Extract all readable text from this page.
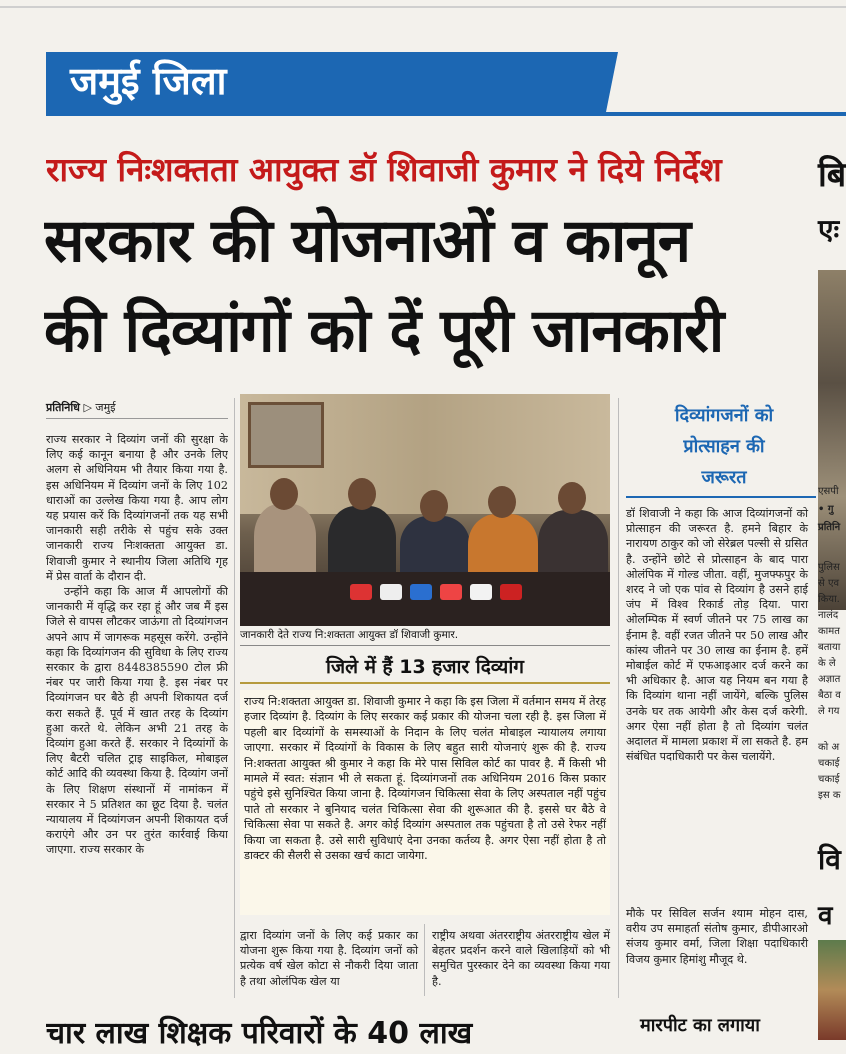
जमुई जिला
राज्य निःशक्तता आयुक्त डॉ शिवाजी कुमार ने दिये निर्देश
सरकार की योजनाओं व कानून
की दिव्यांगों को दें पूरी जानकारी
प्रतिनिधि ▷ जमुई

राज्य सरकार ने दिव्यांग जनों की सुरक्षा के लिए कई कानून बनाया है और उनके लिए अलग से अधिनियम भी तैयार किया गया है. इस अधिनियम में दिव्यांग जनों के लिए 102 धाराओं का उल्लेख किया गया है. आप लोग यह प्रयास करें कि दिव्यांगजनों तक यह सभी जानकारी सही तरीके से पहुंच सके उक्त जानकारी राज्य निःशक्तता आयुक्त डा. शिवाजी कुमार ने स्थानीय जिला अतिथि गृह में प्रेस वार्ता के दौरान दी.

उन्होंने कहा कि आज मैं आपलोगों की जानकारी में वृद्धि कर रहा हूं और जब मैं इस जिले से वापस लौटकर जाऊंगा तो दिव्यांगजन अपने आप में जागरूक महसूस करेंगे. उन्होंने कहा कि दिव्यांगजन की सुविधा के लिए राज्य सरकार के द्वारा 8448385590 टोल फ्री नंबर पर जारी किया गया है. इस नंबर पर दिव्यांगजन घर बैठे ही अपनी शिकायत दर्ज करा सकते हैं. पूर्व में खात तरह के दिव्यांग हुआ करते थे. लेकिन अभी 21 तरह के दिव्यांग हुआ करते हैं. सरकार ने दिव्यांगों के लिए बैटरी चलित ट्राइ साइकिल, मोबाइल कोर्ट आदि की व्यवस्था किया है. दिव्यांग जनों के लिए शिक्षण संस्थानों में नामांकन में सरकार ने 5 प्रतिशत का छूट दिया है. चलंत न्यायालय में दिव्यांगजन अपनी शिकायत दर्ज कराएंगे और उन पर तुरंत कार्रवाई किया जाएगा. राज्य सरकार के

जानकारी देते राज्य नि:शक्तता आयुक्त डॉ शिवाजी कुमार.
जिले में हैं 13 हजार दिव्यांग
राज्य नि:शक्तता आयुक्त डा. शिवाजी कुमार ने कहा कि इस जिला में वर्तमान समय में तेरह हजार दिव्यांग है. दिव्यांग के लिए सरकार कई प्रकार की योजना चला रही है. इस जिला में पहली बार दिव्यांगों के समस्याओं के निदान के लिए चलंत मोबाइल न्यायालय लगाया जाएगा. सरकार में दिव्यांगों के विकास के लिए बहुत सारी योजनाएं शुरू की है. राज्य नि:शक्तता आयुक्त श्री कुमार ने कहा कि मेरे पास सिविल कोर्ट का पावर है. मैं किसी भी मामले में स्वत: संज्ञान भी ले सकता हूं. दिव्यांगजनों तक अधिनियम 2016 किस प्रकार पहुंचे इसे सुनिश्चित किया जाना है. दिव्यांगजन चिकित्सा सेवा के लिए अस्पताल नहीं पहुंच पाते तो सरकार ने बुनियाद चलंत चिकित्सा सेवा की शुरूआत की है. इससे घर बैठे वे चिकित्सा सेवा पा सकते है. अगर कोई दिव्यांग अस्पताल तक पहुंचता है तो उसे रेफर नहीं किया जा सकता है. उसे सारी सुविधाएं देना उनका कर्तव्य है. अगर ऐसा नहीं होता है तो डाक्टर की सैलरी से उसका खर्च काटा जायेगा.
द्वारा दिव्यांग जनों के लिए कई प्रकार का योजना शुरू किया गया है. दिव्यांग जनों को प्रत्येक वर्ष खेल कोटा से नौकरी दिया जाता है तथा ओलंपिक खेल या
राष्ट्रीय अथवा अंतरराष्ट्रीय अंतरराष्ट्रीय खेल में बेहतर प्रदर्शन करने वाले खिलाड़ियों को भी समुचित पुरस्कार देने का व्यवस्था किया गया है.
दिव्यांगजनों को
प्रोत्साहन की
जरूरत
डॉ शिवाजी ने कहा कि आज दिव्यांगजनों को प्रोत्साहन की जरूरत है. हमने बिहार के नारायण ठाकुर को जो सेरेब्रल पल्सी से ग्रसित है. उन्होंने छोटे से प्रोत्साहन के बाद पारा ओलंपिक में गोल्ड जीता. वहीं, मुजफ्फपुर के शरद ने जो एक पांव से दिव्यांग है उसने हाई जंप में विश्व रिकार्ड तोड़ दिया. पारा ओलम्पिक में स्वर्ण जीतने पर 75 लाख का ईनाम है. वहीं रजत जीतने पर 50 लाख और कांस्य जीतने पर 30 लाख का ईनाम है. हमें मोबाईल कोर्ट में एफआइआर दर्ज करने का भी अधिकार है. आज यह नियम बन गया है कि दिव्यांग थाना नहीं जायेंगे, बल्कि पुलिस उनके घर तक आयेगी और केस दर्ज करेगी. अगर ऐसा नहीं होता है तो दिव्यांग चलंत अदालत में मामला प्रकाश में ला सकते है. हम संबंधित पदाधिकारी पर केस चलायेंगे.
मौके पर सिविल सर्जन श्याम मोहन दास, वरीय उप समाहर्ता संतोष कुमार, डीपीआरओ संजय कुमार वर्मा, जिला शिक्षा पदाधिकारी विजय कुमार हिमांशु मौजूद थे.
चार लाख शिक्षक परिवारों के 40 लाख	मारपीट का लगाया
बि
एः
एसपी
• गु
प्रतिनि
पुलिस
से एव
किया.
नालंद
कामत
बताया
के ले
अज्ञात
बैठा व
ले गय
को अ
चकाई
चकाई
इस क
वि
व
